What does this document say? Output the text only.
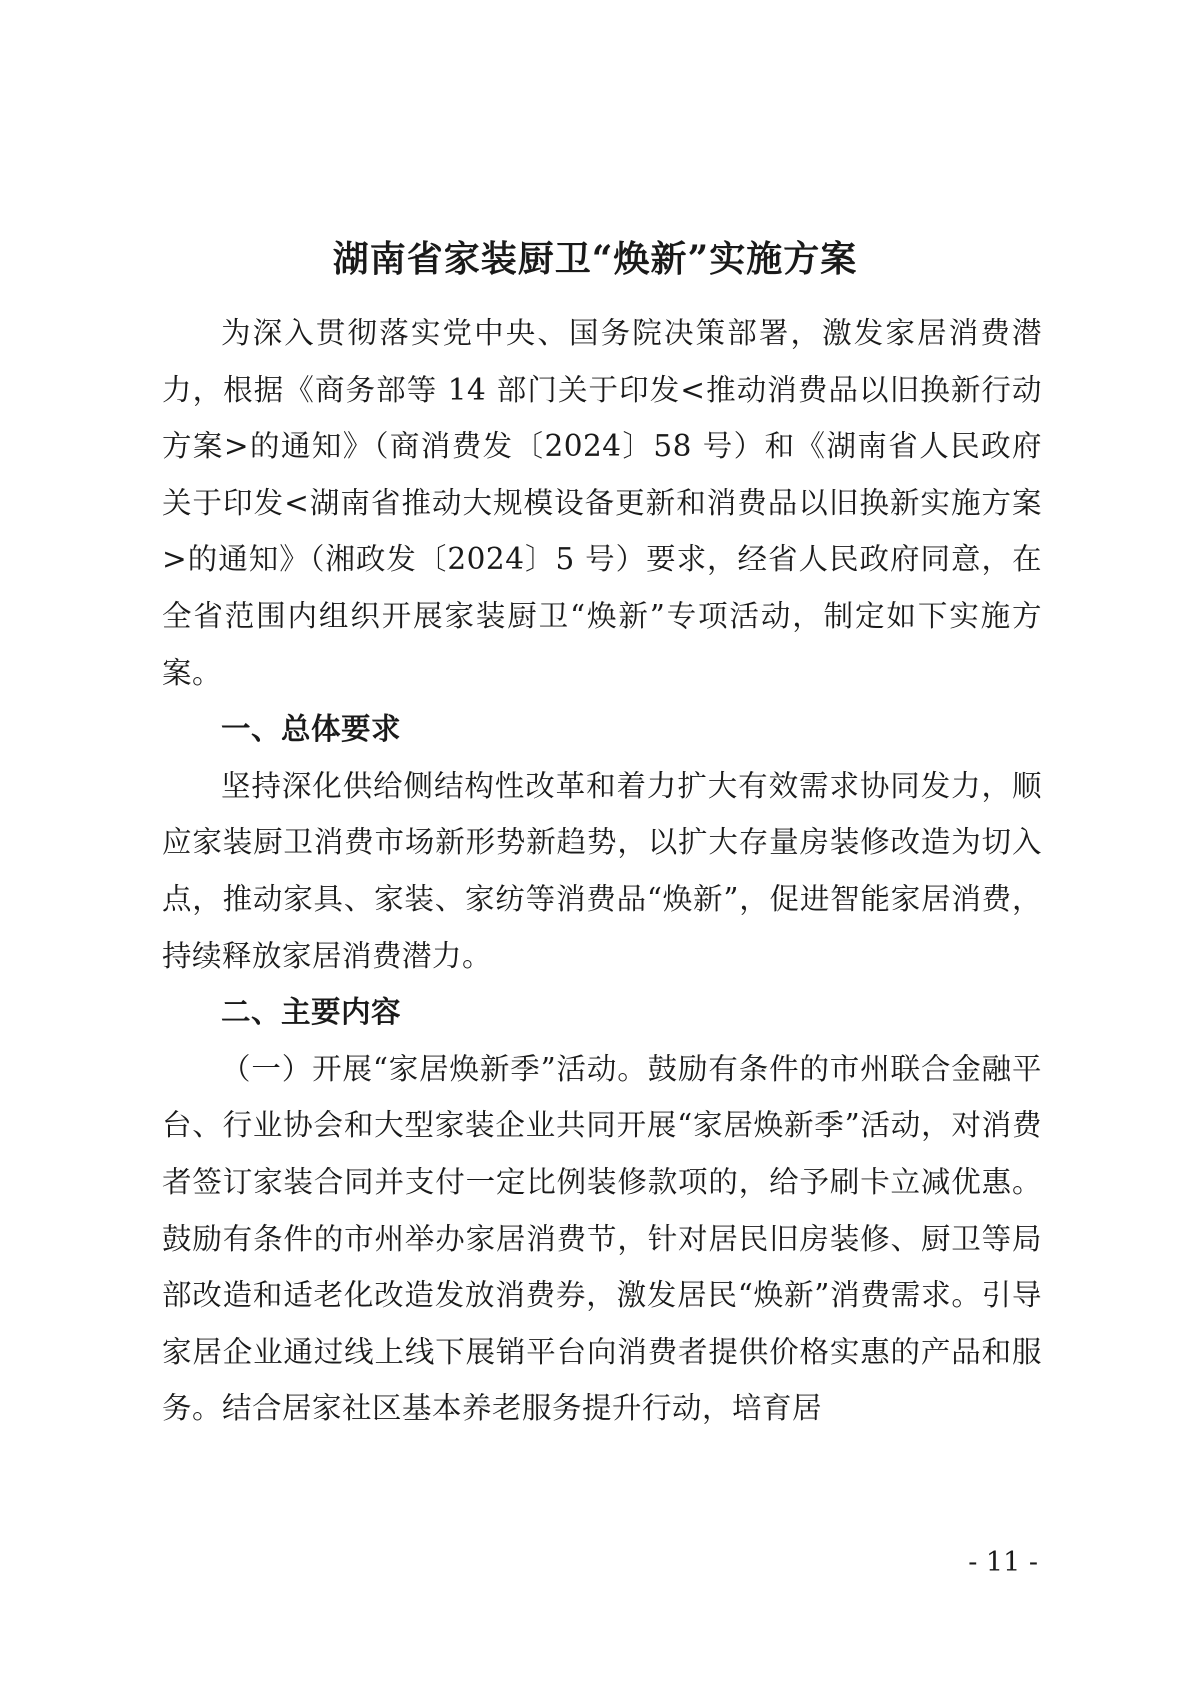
湖南省家装厨卫“焕新”实施方案

为深入贯彻落实党中央、国务院决策部署，激发家居消费潜力，根据《商务部等 14 部门关于印发<推动消费品以旧换新行动方案>的通知》（商消费发〔2024〕58 号）和《湖南省人民政府关于印发<湖南省推动大规模设备更新和消费品以旧换新实施方案>的通知》（湘政发〔2024〕5 号）要求，经省人民政府同意，在全省范围内组织开展家装厨卫“焕新”专项活动，制定如下实施方案。

一、总体要求

坚持深化供给侧结构性改革和着力扩大有效需求协同发力，顺应家装厨卫消费市场新形势新趋势，以扩大存量房装修改造为切入点，推动家具、家装、家纺等消费品“焕新”，促进智能家居消费，持续释放家居消费潜力。

二、主要内容

（一）开展“家居焕新季”活动。鼓励有条件的市州联合金融平台、行业协会和大型家装企业共同开展“家居焕新季”活动，对消费者签订家装合同并支付一定比例装修款项的，给予刷卡立减优惠。鼓励有条件的市州举办家居消费节，针对居民旧房装修、厨卫等局部改造和适老化改造发放消费券，激发居民“焕新”消费需求。引导家居企业通过线上线下展销平台向消费者提供价格实惠的产品和服务。结合居家社区基本养老服务提升行动，培育居

- 11 -
